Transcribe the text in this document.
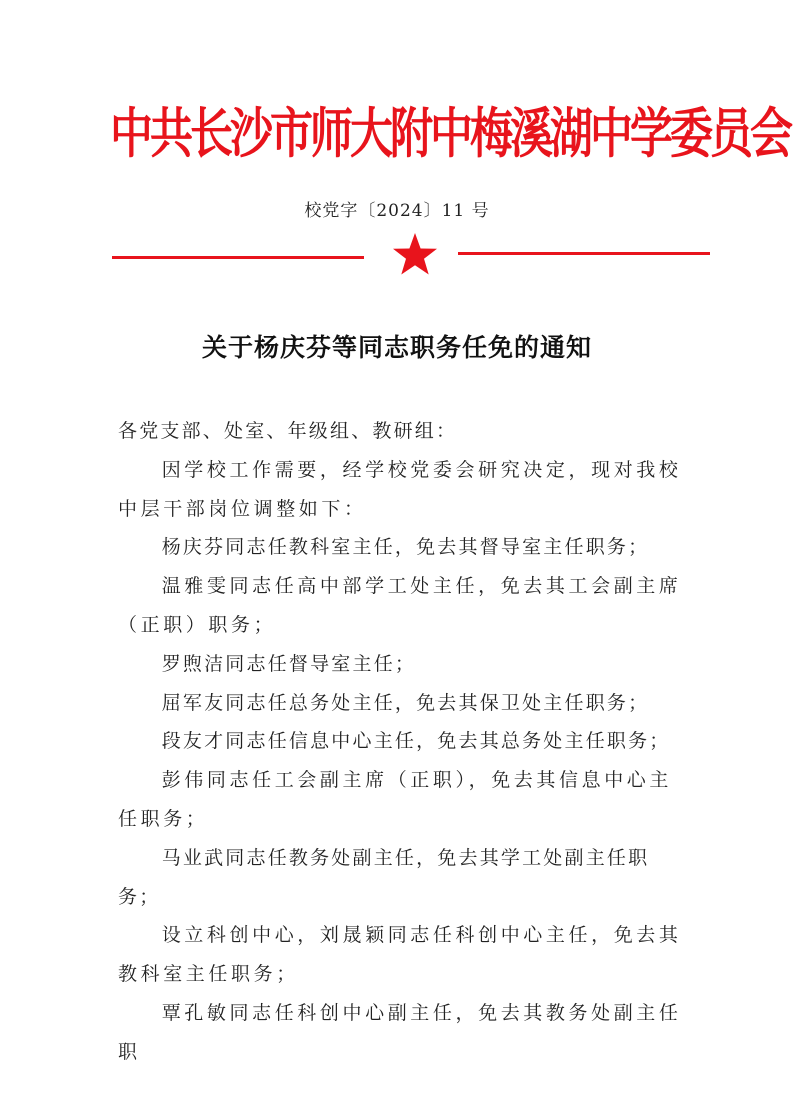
中共长沙市师大附中梅溪湖中学委员会
校党字〔2024〕11 号
关于杨庆芬等同志职务任免的通知

各党支部、处室、年级组、教研组：

因学校工作需要，经学校党委会研究决定，现对我校中层干部岗位调整如下：

杨庆芬同志任教科室主任，免去其督导室主任职务；

温雅雯同志任高中部学工处主任，免去其工会副主席（正职）职务；

罗煦洁同志任督导室主任；

屈军友同志任总务处主任，免去其保卫处主任职务；

段友才同志任信息中心主任，免去其总务处主任职务；

彭伟同志任工会副主席（正职），免去其信息中心主任职务；

马业武同志任教务处副主任，免去其学工处副主任职务；

设立科创中心，刘晟颖同志任科创中心主任，免去其教科室主任职务；

覃孔敏同志任科创中心副主任，免去其教务处副主任职
